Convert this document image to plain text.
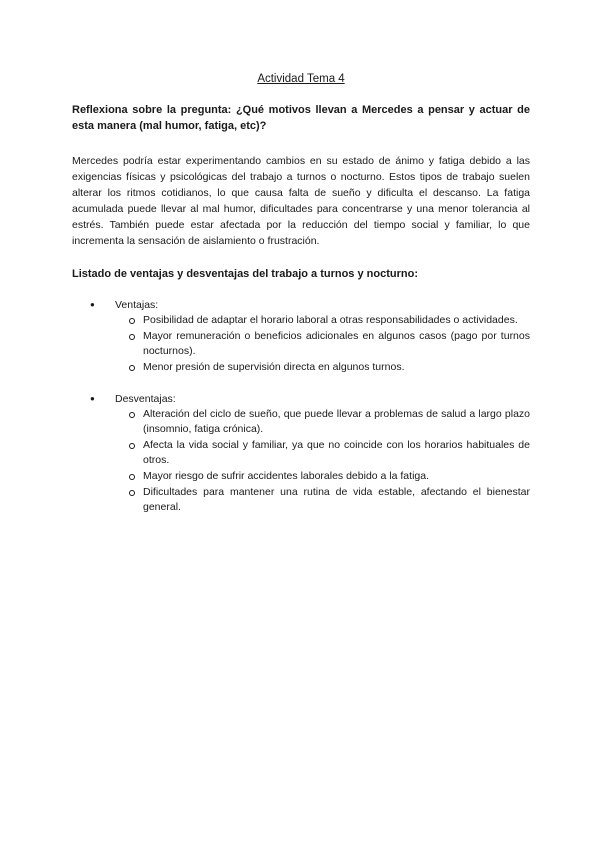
Actividad Tema 4
Reflexiona sobre la pregunta: ¿Qué motivos llevan a Mercedes a pensar y actuar de esta manera (mal humor, fatiga, etc)?
Mercedes podría estar experimentando cambios en su estado de ánimo y fatiga debido a las exigencias físicas y psicológicas del trabajo a turnos o nocturno. Estos tipos de trabajo suelen alterar los ritmos cotidianos, lo que causa falta de sueño y dificulta el descanso. La fatiga acumulada puede llevar al mal humor, dificultades para concentrarse y una menor tolerancia al estrés. También puede estar afectada por la reducción del tiempo social y familiar, lo que incrementa la sensación de aislamiento o frustración.
Listado de ventajas y desventajas del trabajo a turnos y nocturno:
● Ventajas:
Posibilidad de adaptar el horario laboral a otras responsabilidades o actividades.
Mayor remuneración o beneficios adicionales en algunos casos (pago por turnos nocturnos).
Menor presión de supervisión directa en algunos turnos.
● Desventajas:
Alteración del ciclo de sueño, que puede llevar a problemas de salud a largo plazo (insomnio, fatiga crónica).
Afecta la vida social y familiar, ya que no coincide con los horarios habituales de otros.
Mayor riesgo de sufrir accidentes laborales debido a la fatiga.
Dificultades para mantener una rutina de vida estable, afectando el bienestar general.
